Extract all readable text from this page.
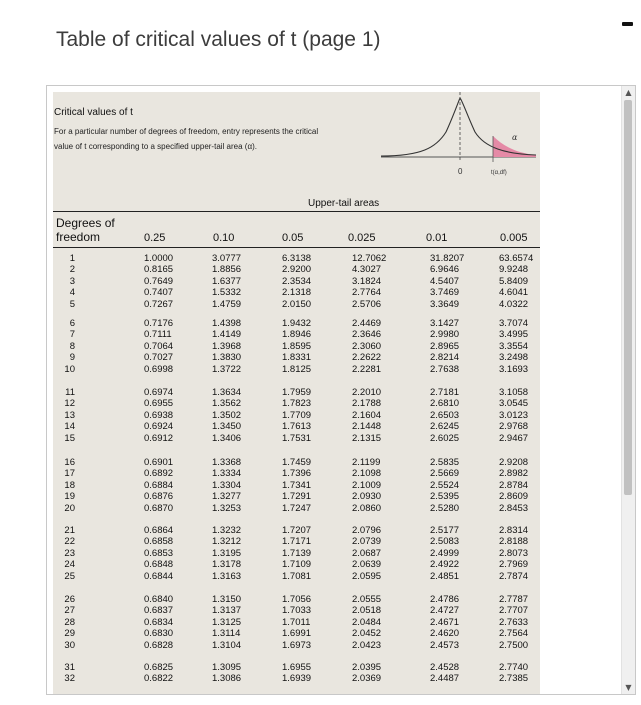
Table of critical values of t (page 1)
Critical values of t
For a particular number of degrees of freedom, entry represents the critical value of t corresponding to a specified upper-tail area (α).
α
0	t(α,df)
Upper-tail areas
Degrees of
freedom	0.25	0.10	0.05	0.025	0.01	0.005
1	1.0000	3.0777	6.3138	12.7062	31.8207	63.6574
2	0.8165	1.8856	2.9200	4.3027	6.9646	9.9248
3	0.7649	1.6377	2.3534	3.1824	4.5407	5.8409
4	0.7407	1.5332	2.1318	2.7764	3.7469	4.6041
5	0.7267	1.4759	2.0150	2.5706	3.3649	4.0322
6	0.7176	1.4398	1.9432	2.4469	3.1427	3.7074
7	0.7111	1.4149	1.8946	2.3646	2.9980	3.4995
8	0.7064	1.3968	1.8595	2.3060	2.8965	3.3554
9	0.7027	1.3830	1.8331	2.2622	2.8214	3.2498
10	0.6998	1.3722	1.8125	2.2281	2.7638	3.1693
11	0.6974	1.3634	1.7959	2.2010	2.7181	3.1058
12	0.6955	1.3562	1.7823	2.1788	2.6810	3.0545
13	0.6938	1.3502	1.7709	2.1604	2.6503	3.0123
14	0.6924	1.3450	1.7613	2.1448	2.6245	2.9768
15	0.6912	1.3406	1.7531	2.1315	2.6025	2.9467
16	0.6901	1.3368	1.7459	2.1199	2.5835	2.9208
17	0.6892	1.3334	1.7396	2.1098	2.5669	2.8982
18	0.6884	1.3304	1.7341	2.1009	2.5524	2.8784
19	0.6876	1.3277	1.7291	2.0930	2.5395	2.8609
20	0.6870	1.3253	1.7247	2.0860	2.5280	2.8453
21	0.6864	1.3232	1.7207	2.0796	2.5177	2.8314
22	0.6858	1.3212	1.7171	2.0739	2.5083	2.8188
23	0.6853	1.3195	1.7139	2.0687	2.4999	2.8073
24	0.6848	1.3178	1.7109	2.0639	2.4922	2.7969
25	0.6844	1.3163	1.7081	2.0595	2.4851	2.7874
26	0.6840	1.3150	1.7056	2.0555	2.4786	2.7787
27	0.6837	1.3137	1.7033	2.0518	2.4727	2.7707
28	0.6834	1.3125	1.7011	2.0484	2.4671	2.7633
29	0.6830	1.3114	1.6991	2.0452	2.4620	2.7564
30	0.6828	1.3104	1.6973	2.0423	2.4573	2.7500
31	0.6825	1.3095	1.6955	2.0395	2.4528	2.7740
32	0.6822	1.3086	1.6939	2.0369	2.4487	2.7385
▲
▼
